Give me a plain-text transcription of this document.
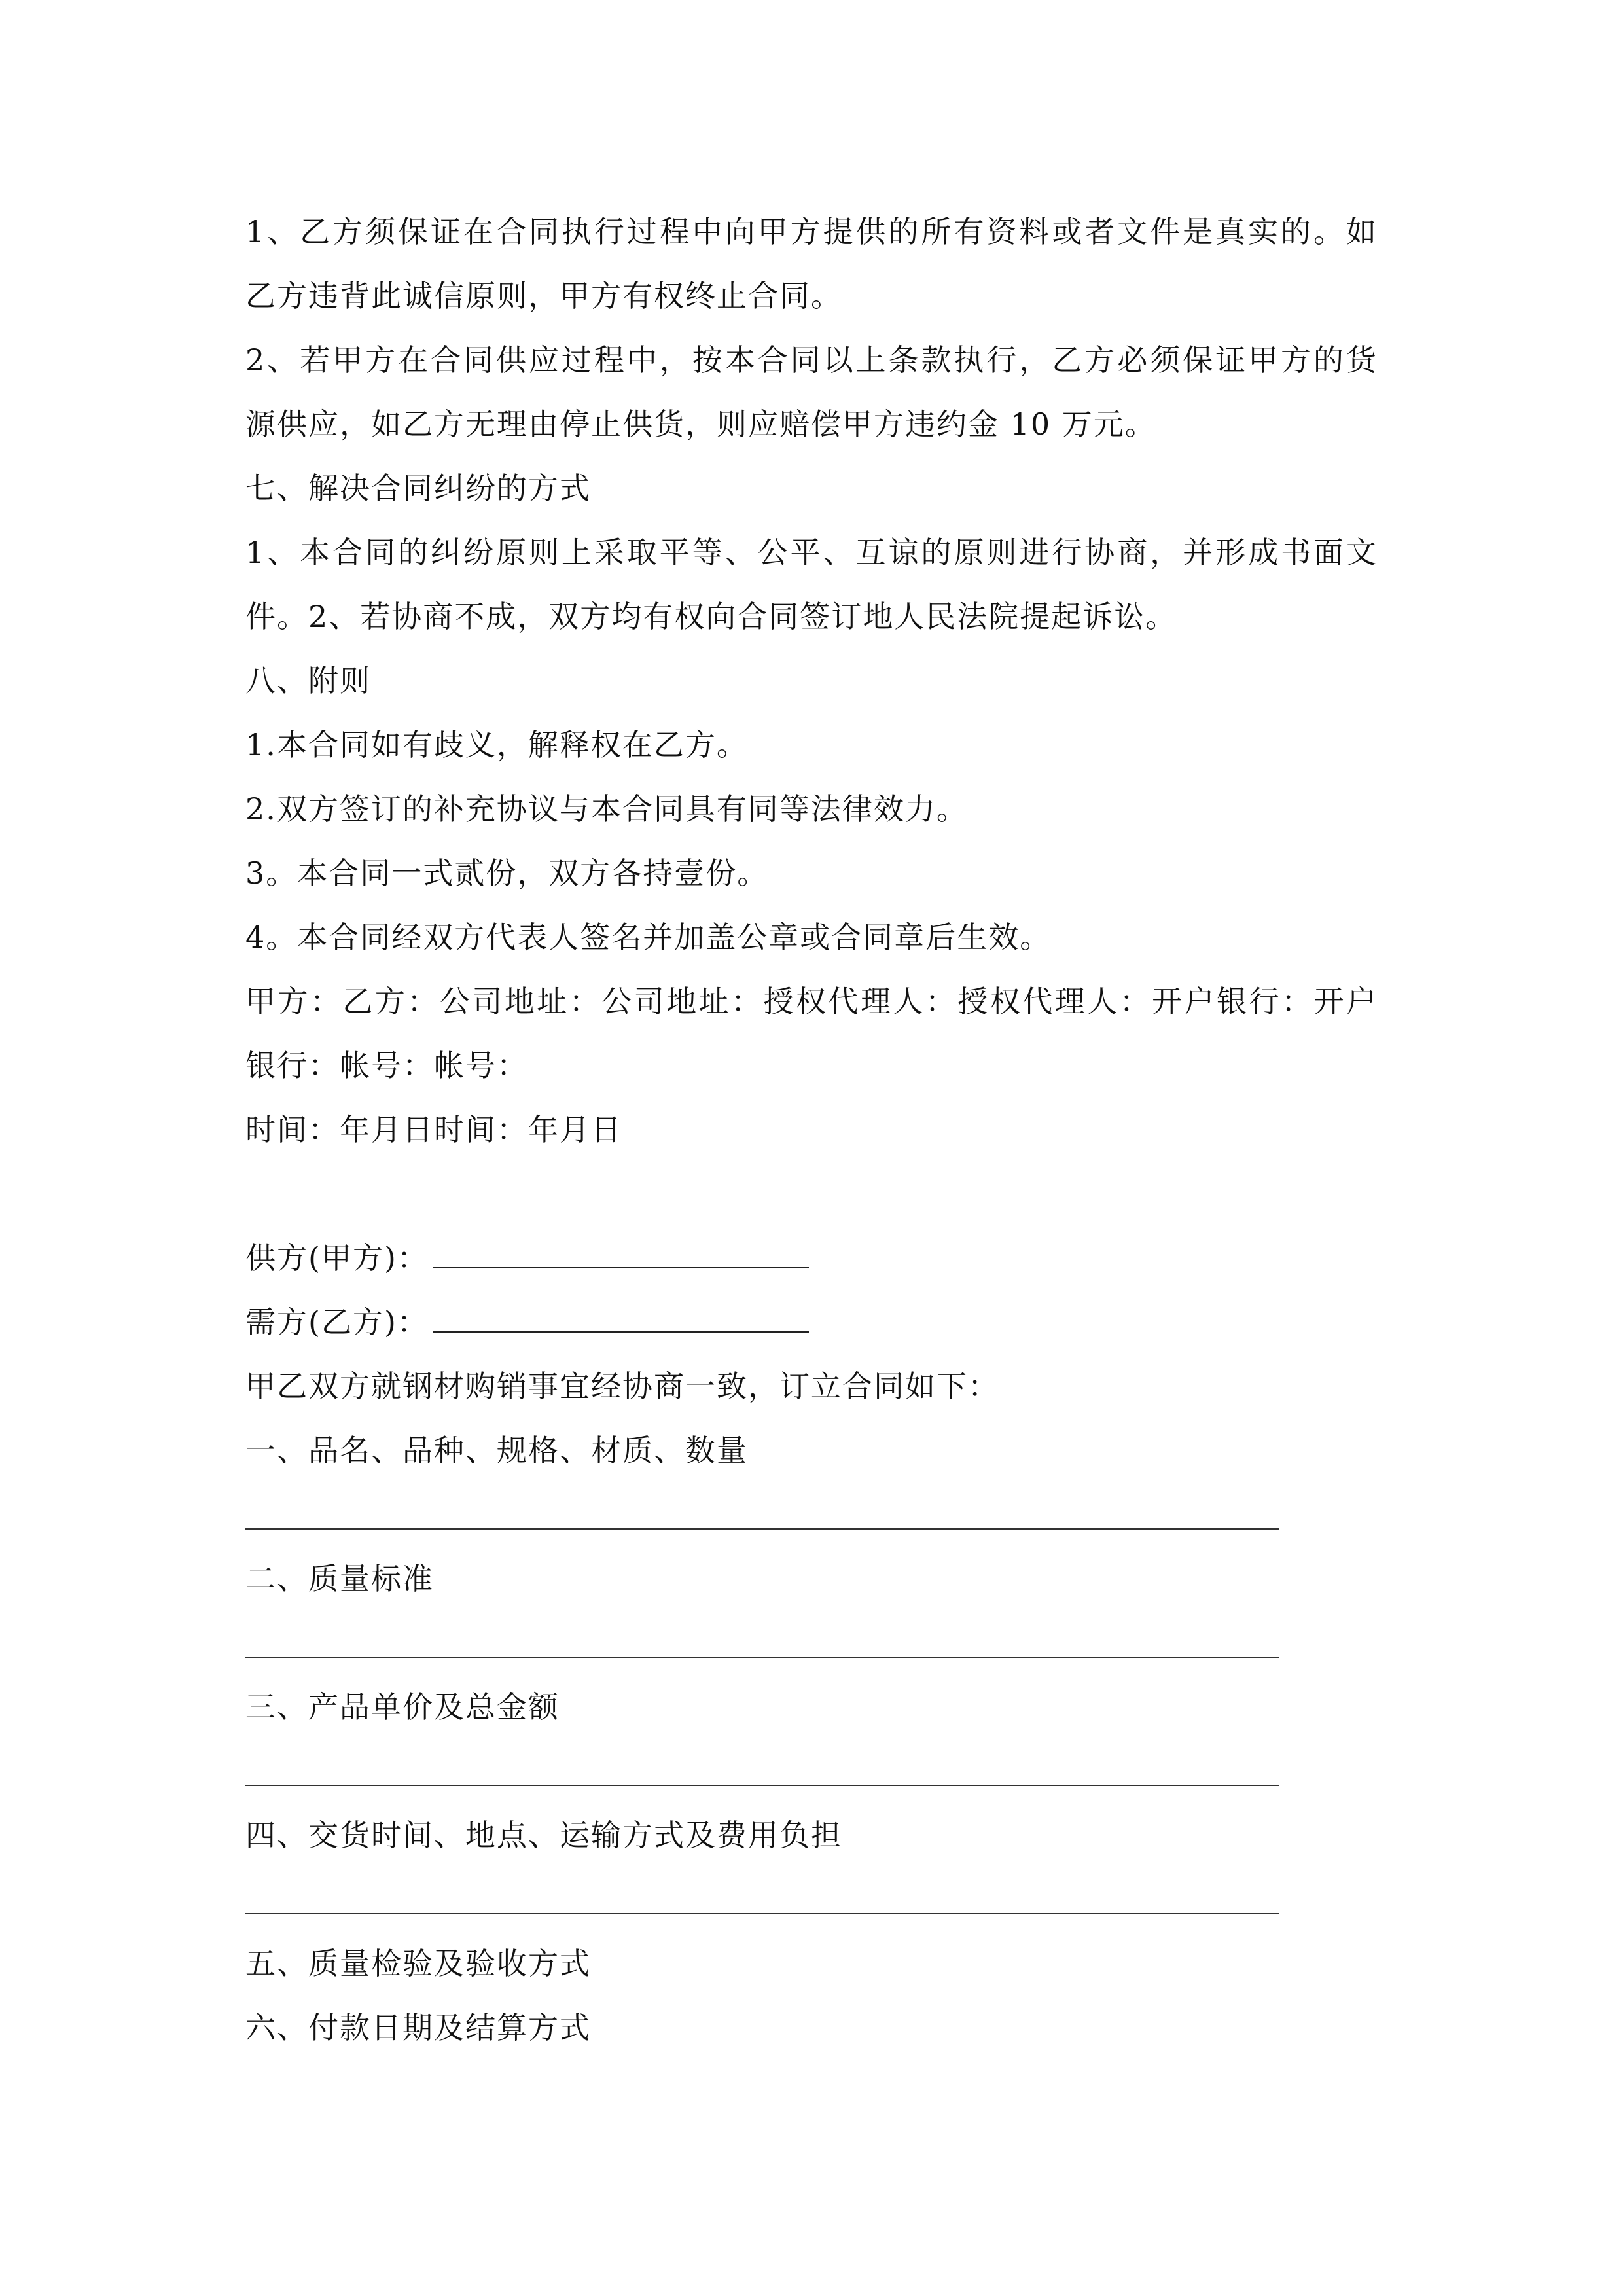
1、乙方须保证在合同执行过程中向甲方提供的所有资料或者文件是真实的。如
乙方违背此诚信原则，甲方有权终止合同。
2、若甲方在合同供应过程中，按本合同以上条款执行，乙方必须保证甲方的货
源供应，如乙方无理由停止供货，则应赔偿甲方违约金 10 万元。
七、解决合同纠纷的方式
1、本合同的纠纷原则上采取平等、公平、互谅的原则进行协商，并形成书面文
件。2、若协商不成，双方均有权向合同签订地人民法院提起诉讼。
八、附则
1.本合同如有歧义，解释权在乙方。
2.双方签订的补充协议与本合同具有同等法律效力。
3。本合同一式贰份，双方各持壹份。
4。本合同经双方代表人签名并加盖公章或合同章后生效。
甲方：乙方：公司地址：公司地址：授权代理人：授权代理人：开户银行：开户
银行：帐号：帐号：
时间：年月日时间：年月日
供方(甲方)：
需方(乙方)：
甲乙双方就钢材购销事宜经协商一致，订立合同如下：
一、品名、品种、规格、材质、数量
二、质量标准
三、产品单价及总金额
四、交货时间、地点、运输方式及费用负担
五、质量检验及验收方式
六、付款日期及结算方式
